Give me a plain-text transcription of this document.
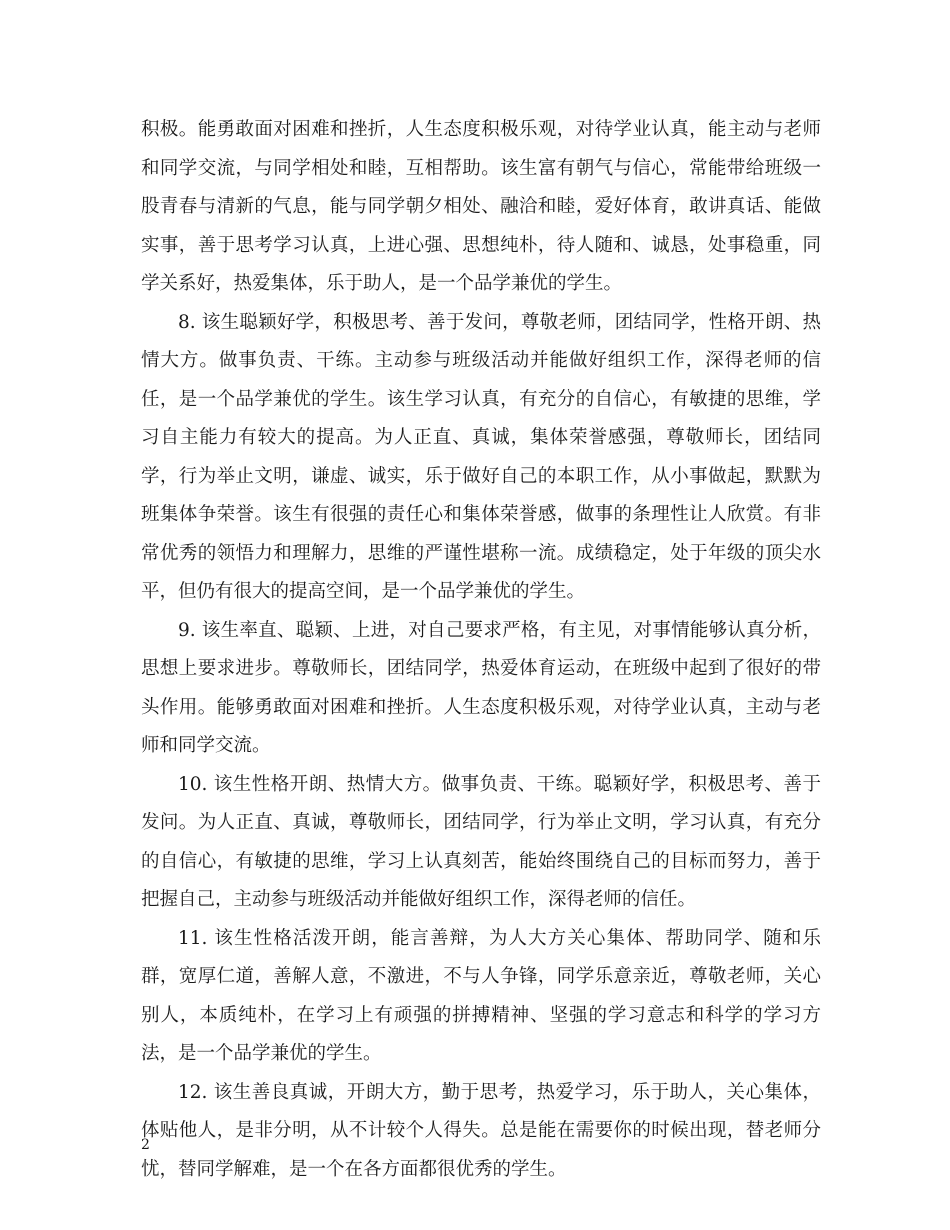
积极。能勇敢面对困难和挫折，人生态度积极乐观，对待学业认真，能主动与老师和同学交流，与同学相处和睦，互相帮助。该生富有朝气与信心，常能带给班级一股青春与清新的气息，能与同学朝夕相处、融洽和睦，爱好体育，敢讲真话、能做实事，善于思考学习认真，上进心强、思想纯朴，待人随和、诚恳，处事稳重，同学关系好，热爱集体，乐于助人，是一个品学兼优的学生。

8. 该生聪颖好学，积极思考、善于发问，尊敬老师，团结同学，性格开朗、热情大方。做事负责、干练。主动参与班级活动并能做好组织工作，深得老师的信任，是一个品学兼优的学生。该生学习认真，有充分的自信心，有敏捷的思维，学习自主能力有较大的提高。为人正直、真诚，集体荣誉感强，尊敬师长，团结同学，行为举止文明，谦虚、诚实，乐于做好自己的本职工作，从小事做起，默默为班集体争荣誉。该生有很强的责任心和集体荣誉感，做事的条理性让人欣赏。有非常优秀的领悟力和理解力，思维的严谨性堪称一流。成绩稳定，处于年级的顶尖水平，但仍有很大的提高空间，是一个品学兼优的学生。

9. 该生率直、聪颖、上进，对自己要求严格，有主见，对事情能够认真分析，思想上要求进步。尊敬师长，团结同学，热爱体育运动，在班级中起到了很好的带头作用。能够勇敢面对困难和挫折。人生态度积极乐观，对待学业认真，主动与老师和同学交流。

10. 该生性格开朗、热情大方。做事负责、干练。聪颖好学，积极思考、善于发问。为人正直、真诚，尊敬师长，团结同学，行为举止文明，学习认真，有充分的自信心，有敏捷的思维，学习上认真刻苦，能始终围绕自己的目标而努力，善于把握自己，主动参与班级活动并能做好组织工作，深得老师的信任。

11. 该生性格活泼开朗，能言善辩，为人大方关心集体、帮助同学、随和乐群，宽厚仁道，善解人意，不激进，不与人争锋，同学乐意亲近，尊敬老师，关心别人，本质纯朴，在学习上有顽强的拼搏精神、坚强的学习意志和科学的学习方法，是一个品学兼优的学生。

12. 该生善良真诚，开朗大方，勤于思考，热爱学习，乐于助人，关心集体，体贴他人，是非分明，从不计较个人得失。总是能在需要你的时候出现，替老师分忧，替同学解难，是一个在各方面都很优秀的学生。

2
